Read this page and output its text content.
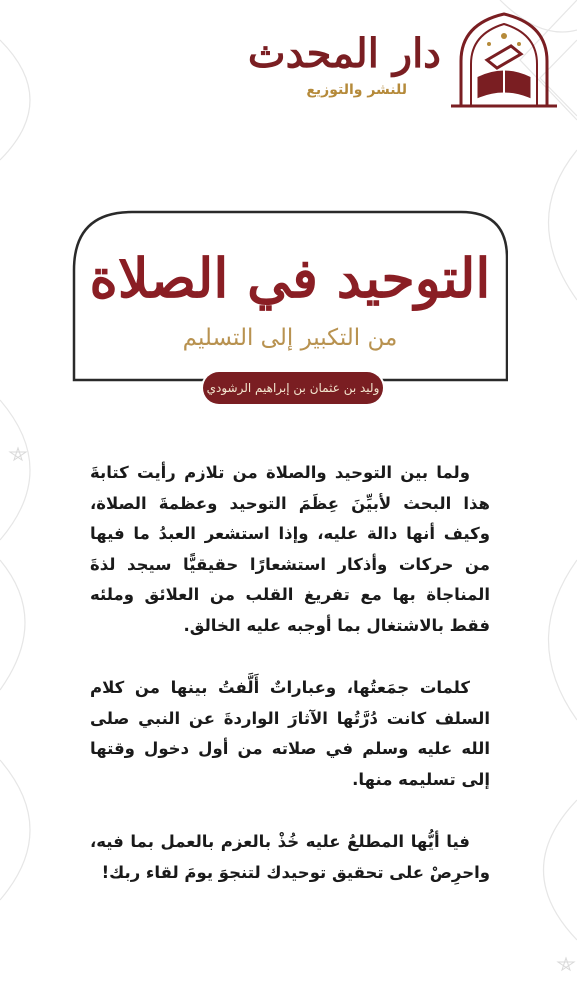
دار المحدث
للنشر والتوزيع
التوحيد في الصلاة
من التكبير إلى التسليم
وليد بن عثمان بن إبراهيم الرشودي

ولما بين التوحيد والصلاة من تلازم رأيت كتابةَ هذا البحث لأبيِّنَ عِظَمَ التوحيد وعظمةَ الصلاة، وكيف أنها دالة عليه، وإذا استشعر العبدُ ما فيها من حركات وأذكار استشعارًا حقيقيًّا سيجد لذةَ المناجاة بها مع تفريغ القلب من العلائق وملئه فقط بالاشتغال بما أوجبه عليه الخالق.

كلمات جمَعتُها، وعباراتٌ أَلَّفتُ بينها من كلام السلف كانت دُرَّتُها الآثارَ الواردةَ عن النبي صلى الله عليه وسلم في صلاته من أول دخول وقتها إلى تسليمه منها.

فيا أيُّها المطلعُ عليه خُذْ بالعزم بالعمل بما فيه، واحرِصْ على تحقيق توحيدك لتنجوَ يومَ لقاء ربك!
